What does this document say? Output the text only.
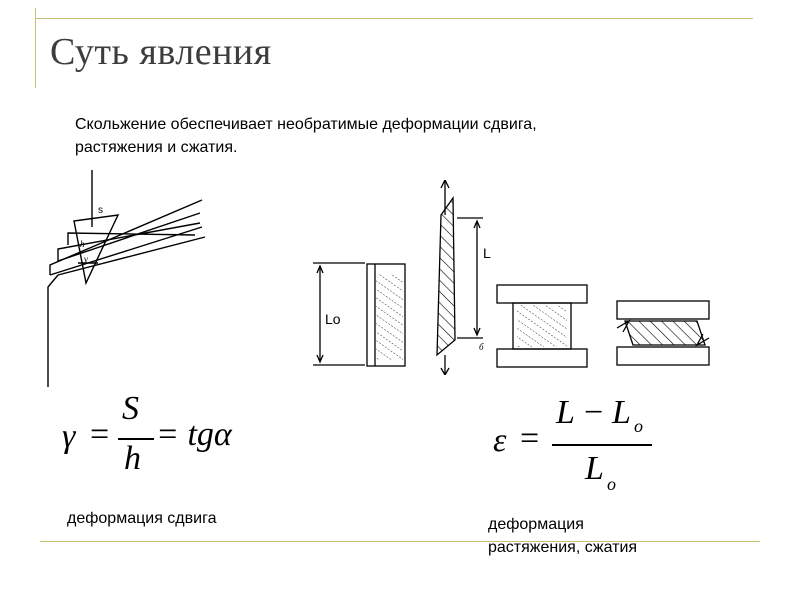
Суть явления
Скольжение обеспечивает необратимые деформации сдвига,
растяжения и сжатия.
s
h
γ	L
Lo
б
γ =
S
h
= tgα	ε =
L − L o
L o
деформация сдвига	деформация
растяжения, сжатия
